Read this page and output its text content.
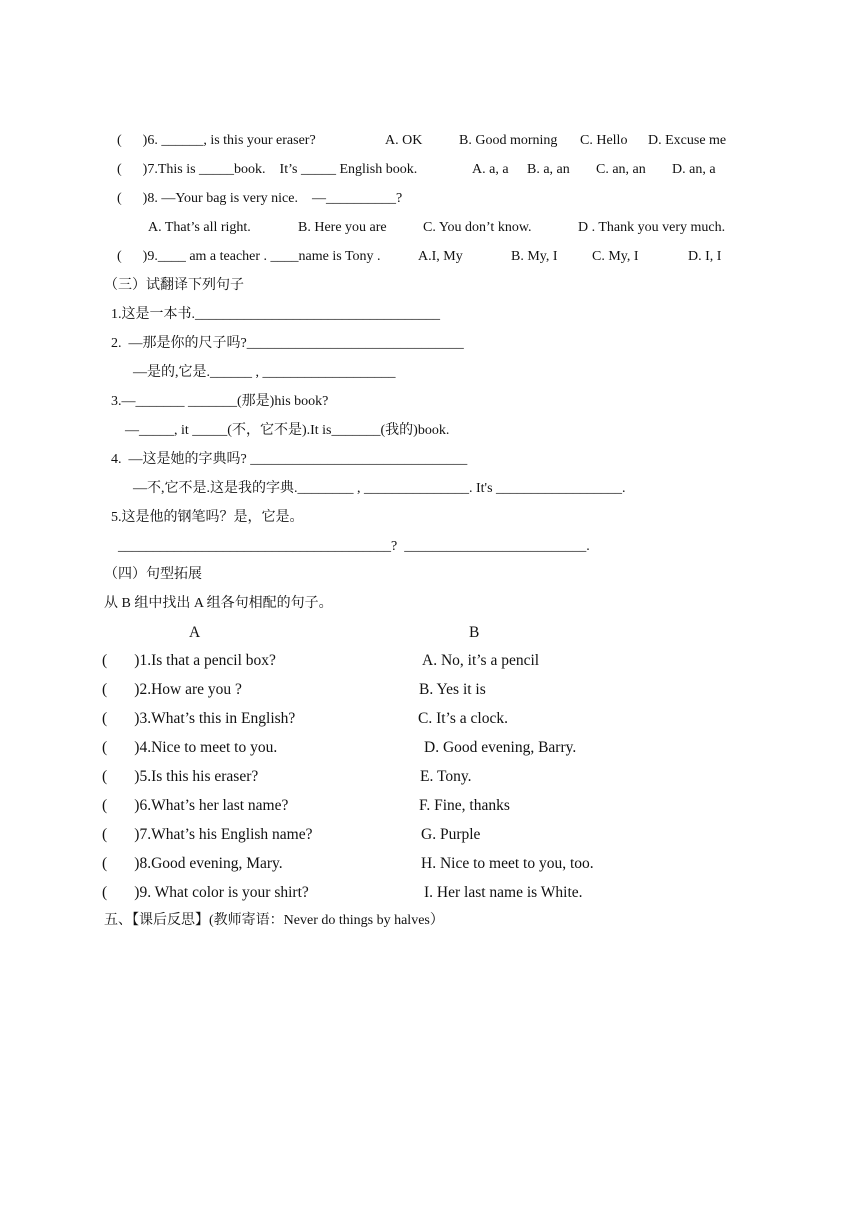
(      )6. ______, is this your eraser?	A. OK	B. Good morning C. Hello D. Excuse me
(      )7.This is _____book.    It’s _____ English book.	A. a, a B. a, an C. an, an D. an, a
(      )8. —Your bag is very nice.    —__________?
A. That’s all right.	B. Here you are	C. You don’t know.	D . Thank you very much.
(      )9.____ am a teacher . ____name is Tony .	A.I, My	B. My, I C. My, I	D. I, I
（三）试翻译下列句子
1.这是一本书.___________________________________
2.  —那是你的尺子吗?_______________________________
—是的,它是.______ , ___________________
3.—_______ _______(那是)his book?
—_____, it _____(不，它不是).It is_______(我的)book.
4.  —这是她的字典吗? _______________________________
—不,它不是.这是我的字典.________ , _______________. It's __________________.
5.这是他的钢笔吗？是，它是。
_______________________________________?  __________________________.
（四）句型拓展
从 B 组中找出 A 组各句相配的句子。
A	B
(       )1.Is that a pencil box?	A. No, it’s a pencil
(       )2.How are you ?	B. Yes it is
(       )3.What’s this in English?	C. It’s a clock.
(       )4.Nice to meet to you.	D. Good evening, Barry.
(       )5.Is this his eraser?	E. Tony.
(       )6.What’s her last name?	F. Fine, thanks
(       )7.What’s his English name?	G. Purple
(       )8.Good evening, Mary.	H. Nice to meet to you, too.
(       )9. What color is your shirt?	I. Her last name is White.
五、【课后反思】(教师寄语：Never do things by halves）
